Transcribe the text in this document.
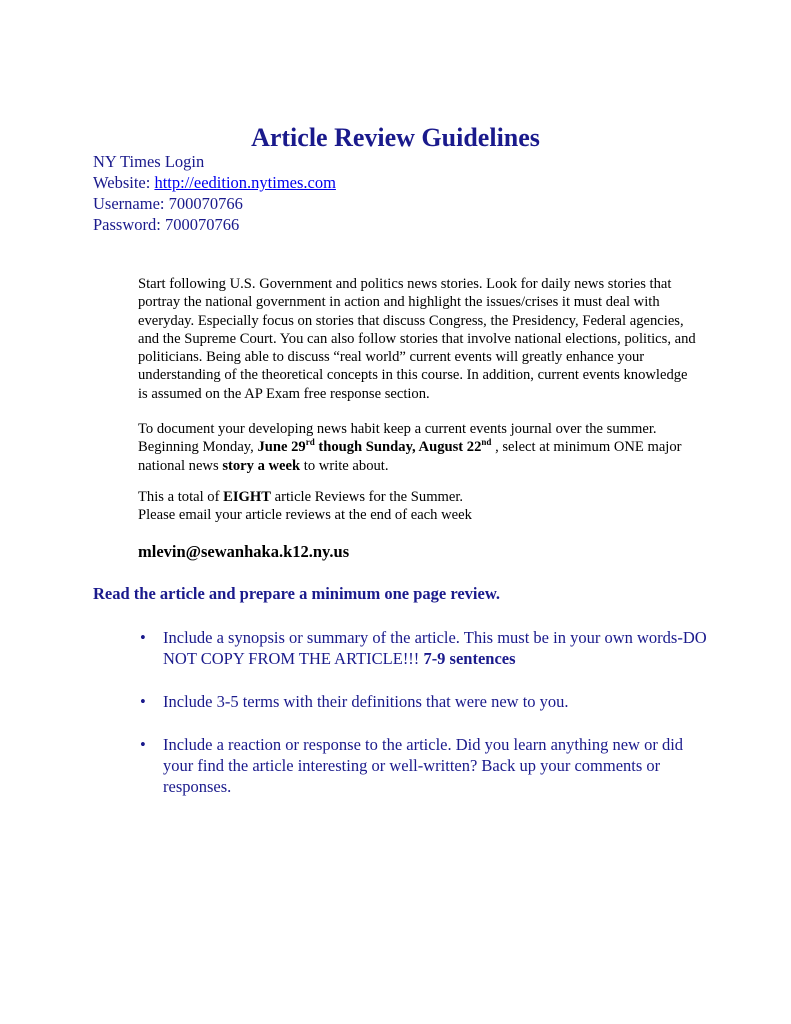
Article Review Guidelines
NY Times Login
Website: http://eedition.nytimes.com
Username: 700070766
Password: 700070766
Start following U.S. Government and politics news stories. Look for daily news stories that portray the national government in action and highlight the issues/crises it must deal with everyday. Especially focus on stories that discuss Congress, the Presidency, Federal agencies, and the Supreme Court. You can also follow stories that involve national elections, politics, and politicians. Being able to discuss “real world” current events will greatly enhance your understanding of the theoretical concepts in this course. In addition, current events knowledge is assumed on the AP Exam free response section.
To document your developing news habit keep a current events journal over the summer. Beginning Monday, June 29rd though Sunday, August 22nd , select at minimum ONE major national news story a week to write about.
This a total of EIGHT article Reviews for the Summer.
Please email your article reviews at the end of each week
mlevin@sewanhaka.k12.ny.us
Read the article and prepare a minimum one page review.
• Include a synopsis or summary of the article. This must be in your own words-DO NOT COPY FROM THE ARTICLE!!! 7-9 sentences
• Include 3-5 terms with their definitions that were new to you.
• Include a reaction or response to the article. Did you learn anything new or did your find the article interesting or well-written? Back up your comments or responses.
